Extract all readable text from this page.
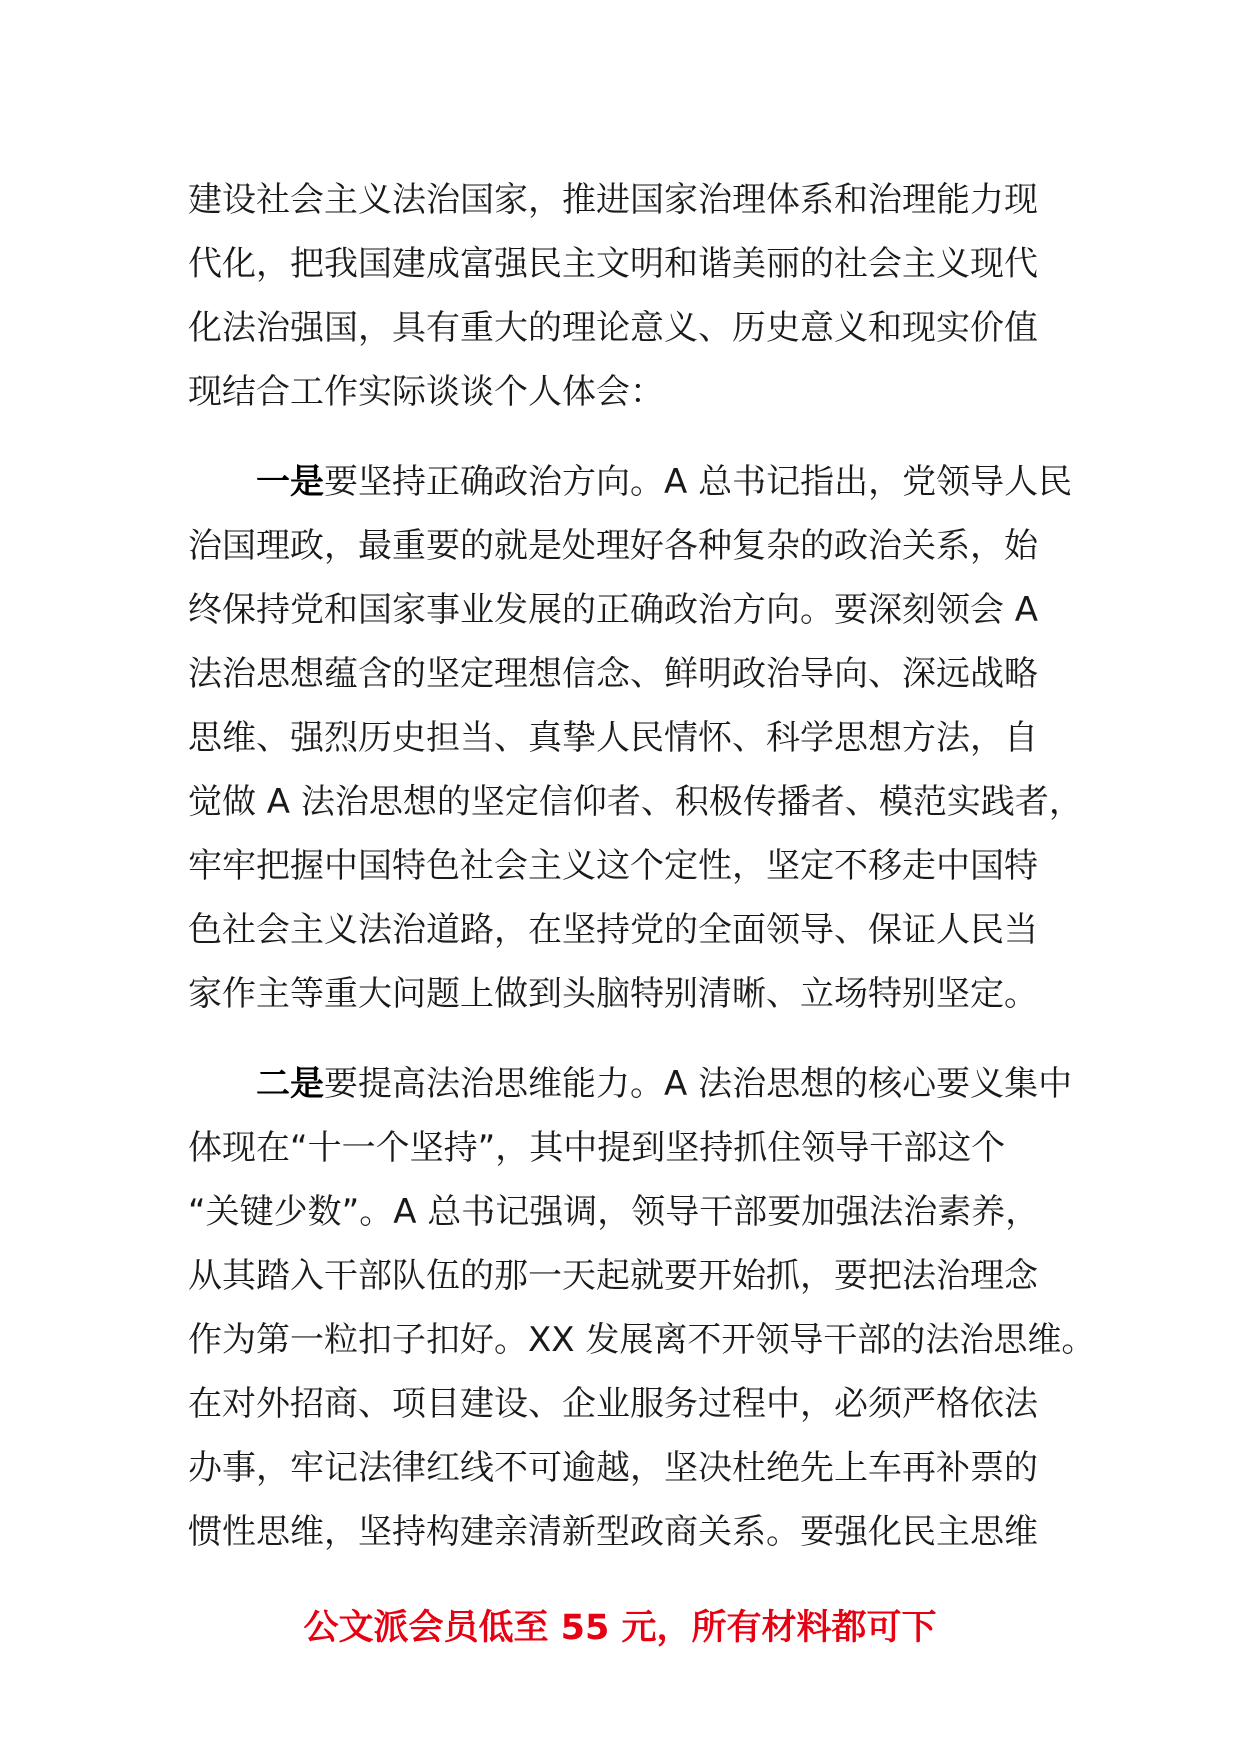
建设社会主义法治国家，推进国家治理体系和治理能力现
代化，把我国建成富强民主文明和谐美丽的社会主义现代
化法治强国，具有重大的理论意义、历史意义和现实价值
现结合工作实际谈谈个人体会：
一是要坚持正确政治方向。A 总书记指出，党领导人民
治国理政，最重要的就是处理好各种复杂的政治关系，始
终保持党和国家事业发展的正确政治方向。要深刻领会 A
法治思想蕴含的坚定理想信念、鲜明政治导向、深远战略
思维、强烈历史担当、真挚人民情怀、科学思想方法，自
觉做 A 法治思想的坚定信仰者、积极传播者、模范实践者，
牢牢把握中国特色社会主义这个定性，坚定不移走中国特
色社会主义法治道路，在坚持党的全面领导、保证人民当
家作主等重大问题上做到头脑特别清晰、立场特别坚定。
二是要提高法治思维能力。A 法治思想的核心要义集中
体现在“十一个坚持”，其中提到坚持抓住领导干部这个
“关键少数”。A 总书记强调，领导干部要加强法治素养，
从其踏入干部队伍的那一天起就要开始抓，要把法治理念
作为第一粒扣子扣好。XX 发展离不开领导干部的法治思维。
在对外招商、项目建设、企业服务过程中，必须严格依法
办事，牢记法律红线不可逾越，坚决杜绝先上车再补票的
惯性思维，坚持构建亲清新型政商关系。要强化民主思维
公文派会员低至 55 元，所有材料都可下
